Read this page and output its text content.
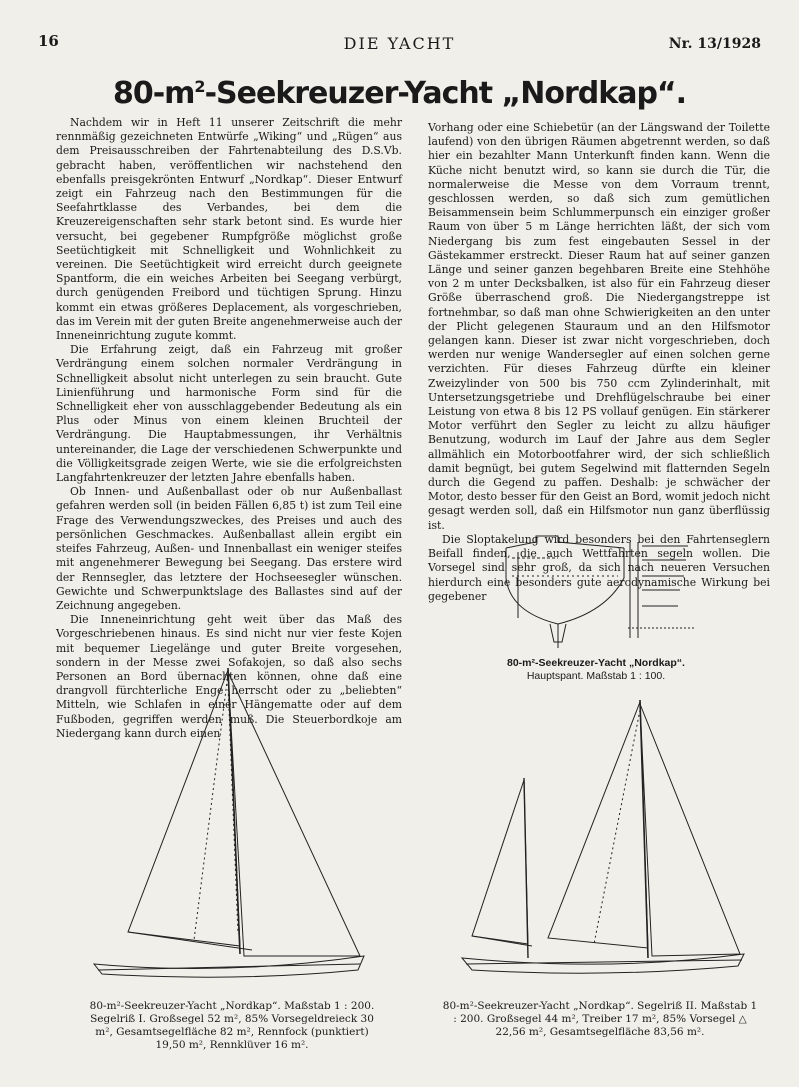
16	DIE YACHT	Nr. 13/1928
$80-m^2-Seekreuzer$-Yacht „Nordkap“.

Nachdem wir in Heft 11 unserer Zeitschrift die mehr rennmäßig gezeichneten Entwürfe „Wiking“ und „Rügen“ aus dem Preisausschreiben der Fahrtenabteilung des D.S.Vb. gebracht haben, veröffentlichen wir nachstehend den ebenfalls preisgekrönten Entwurf „Nordkap“. Dieser Entwurf zeigt ein Fahrzeug nach den Bestimmungen für die Seefahrtklasse des Verbandes, bei dem die Kreuzereigenschaften sehr stark betont sind. Es wurde hier versucht, bei gegebener Rumpfgröße möglichst große Seetüchtigkeit mit Schnelligkeit und Wohnlichkeit zu vereinen. Die Seetüchtigkeit wird erreicht durch geeignete Spantform, die ein weiches Arbeiten bei Seegang verbürgt, durch genügenden Freibord und tüchtigen Sprung. Hinzu kommt ein etwas größeres Deplacement, als vorgeschrieben, das im Verein mit der guten Breite angenehmerweise auch der Inneneinrichtung zugute kommt.

Die Erfahrung zeigt, daß ein Fahrzeug mit großer Verdrängung einem solchen normaler Verdrängung in Schnelligkeit absolut nicht unterlegen zu sein braucht. Gute Linienführung und harmonische Form sind für die Schnelligkeit eher von ausschlaggebender Bedeutung als ein Plus oder Minus von einem kleinen Bruchteil der Verdrängung. Die Hauptabmessungen, ihr Verhältnis untereinander, die Lage der verschiedenen Schwerpunkte und die Völligkeitsgrade zeigen Werte, wie sie die erfolgreichsten Langfahrtenkreuzer der letzten Jahre ebenfalls haben.

Ob Innen- und Außenballast oder ob nur Außenballast gefahren werden soll (in beiden Fällen 6,85 t) ist zum Teil eine Frage des Verwendungszweckes, des Preises und auch des persönlichen Geschmackes. Außenballast allein ergibt ein steifes Fahrzeug, Außen- und Innenballast ein weniger steifes mit angenehmerer Bewegung bei Seegang. Das erstere wird der Rennsegler, das letztere der Hochseesegler wünschen. Gewichte und Schwerpunktslage des Ballastes sind auf der Zeichnung angegeben.

Die Inneneinrichtung geht weit über das Maß des Vorgeschriebenen hinaus. Es sind nicht nur vier feste Kojen mit bequemer Liegelänge und guter Breite vorgesehen, sondern in der Messe zwei Sofakojen, so daß also sechs Personen an Bord übernachten können, ohne daß eine drangvoll fürchterliche Enge herrscht oder zu „beliebten“ Mitteln, wie Schlafen in einer Hängematte oder auf dem Fußboden, gegriffen werden muß. Die Steuerbordkoje am Niedergang kann durch einen

Vorhang oder eine Schiebetür (an der Längswand der Toilette laufend) von den übrigen Räumen abgetrennt werden, so daß hier ein bezahlter Mann Unterkunft finden kann. Wenn die Küche nicht benutzt wird, so kann sie durch die Tür, die normalerweise die Messe von dem Vorraum trennt, geschlossen werden, so daß sich zum gemütlichen Beisammensein beim Schlummerpunsch ein einziger großer Raum von über 5 m Länge herrichten läßt, der sich vom Niedergang bis zum fest eingebauten Sessel in der Gästekammer erstreckt. Dieser Raum hat auf seiner ganzen Länge und seiner ganzen begehbaren Breite eine Stehhöhe von 2 m unter Decksbalken, ist also für ein Fahrzeug dieser Größe überraschend groß. Die Niedergangstreppe ist fortnehmbar, so daß man ohne Schwierigkeiten an den unter der Plicht gelegenen Stauraum und an den Hilfsmotor gelangen kann. Dieser ist zwar nicht vorgeschrieben, doch werden nur wenige Wandersegler auf einen solchen gerne verzichten. Für dieses Fahrzeug dürfte ein kleiner Zweizylinder von 500 bis 750 ccm Zylinderinhalt, mit Untersetzungsgetriebe und Drehflügelschraube bei einer Leistung von etwa 8 bis 12 PS vollauf genügen. Ein stärkerer Motor verführt den Segler zu leicht zu allzu häufiger Benutzung, wodurch im Lauf der Jahre aus dem Segler allmählich ein Motorbootfahrer wird, der sich schließlich damit begnügt, bei gutem Segelwind mit flatternden Segeln durch die Gegend zu paffen. Deshalb: je schwächer der Motor, desto besser für den Geist an Bord, womit jedoch nicht gesagt werden soll, daß ein Hilfsmotor nun ganz überflüssig ist.

Die Sloptakelung wird besonders bei den Fahrtenseglern Beifall finden, die auch Wettfahrten segeln wollen. Die Vorsegel sind sehr groß, da sich nach neueren Versuchen hierdurch eine besonders gute aerodynamische Wirkung bei gegebener

80-m²-Seekreuzer-Yacht „Nordkap“.
Hauptspant. Maßstab 1 : 100.
80-m²-Seekreuzer-Yacht „Nordkap“. Maßstab 1 : 200. Segelriß I. Großsegel 52 m², 85% Vorsegeldreieck 30 m², Gesamtsegelfläche 82 m², Rennfock (punktiert) 19,50 m², Rennklüver 16 m².
80-m²-Seekreuzer-Yacht „Nordkap“. Segelriß II. Maßstab 1 : 200. Großsegel 44 m², Treiber 17 m², 85% Vorsegel △ 22,56 m², Gesamtsegelfläche 83,56 m².
